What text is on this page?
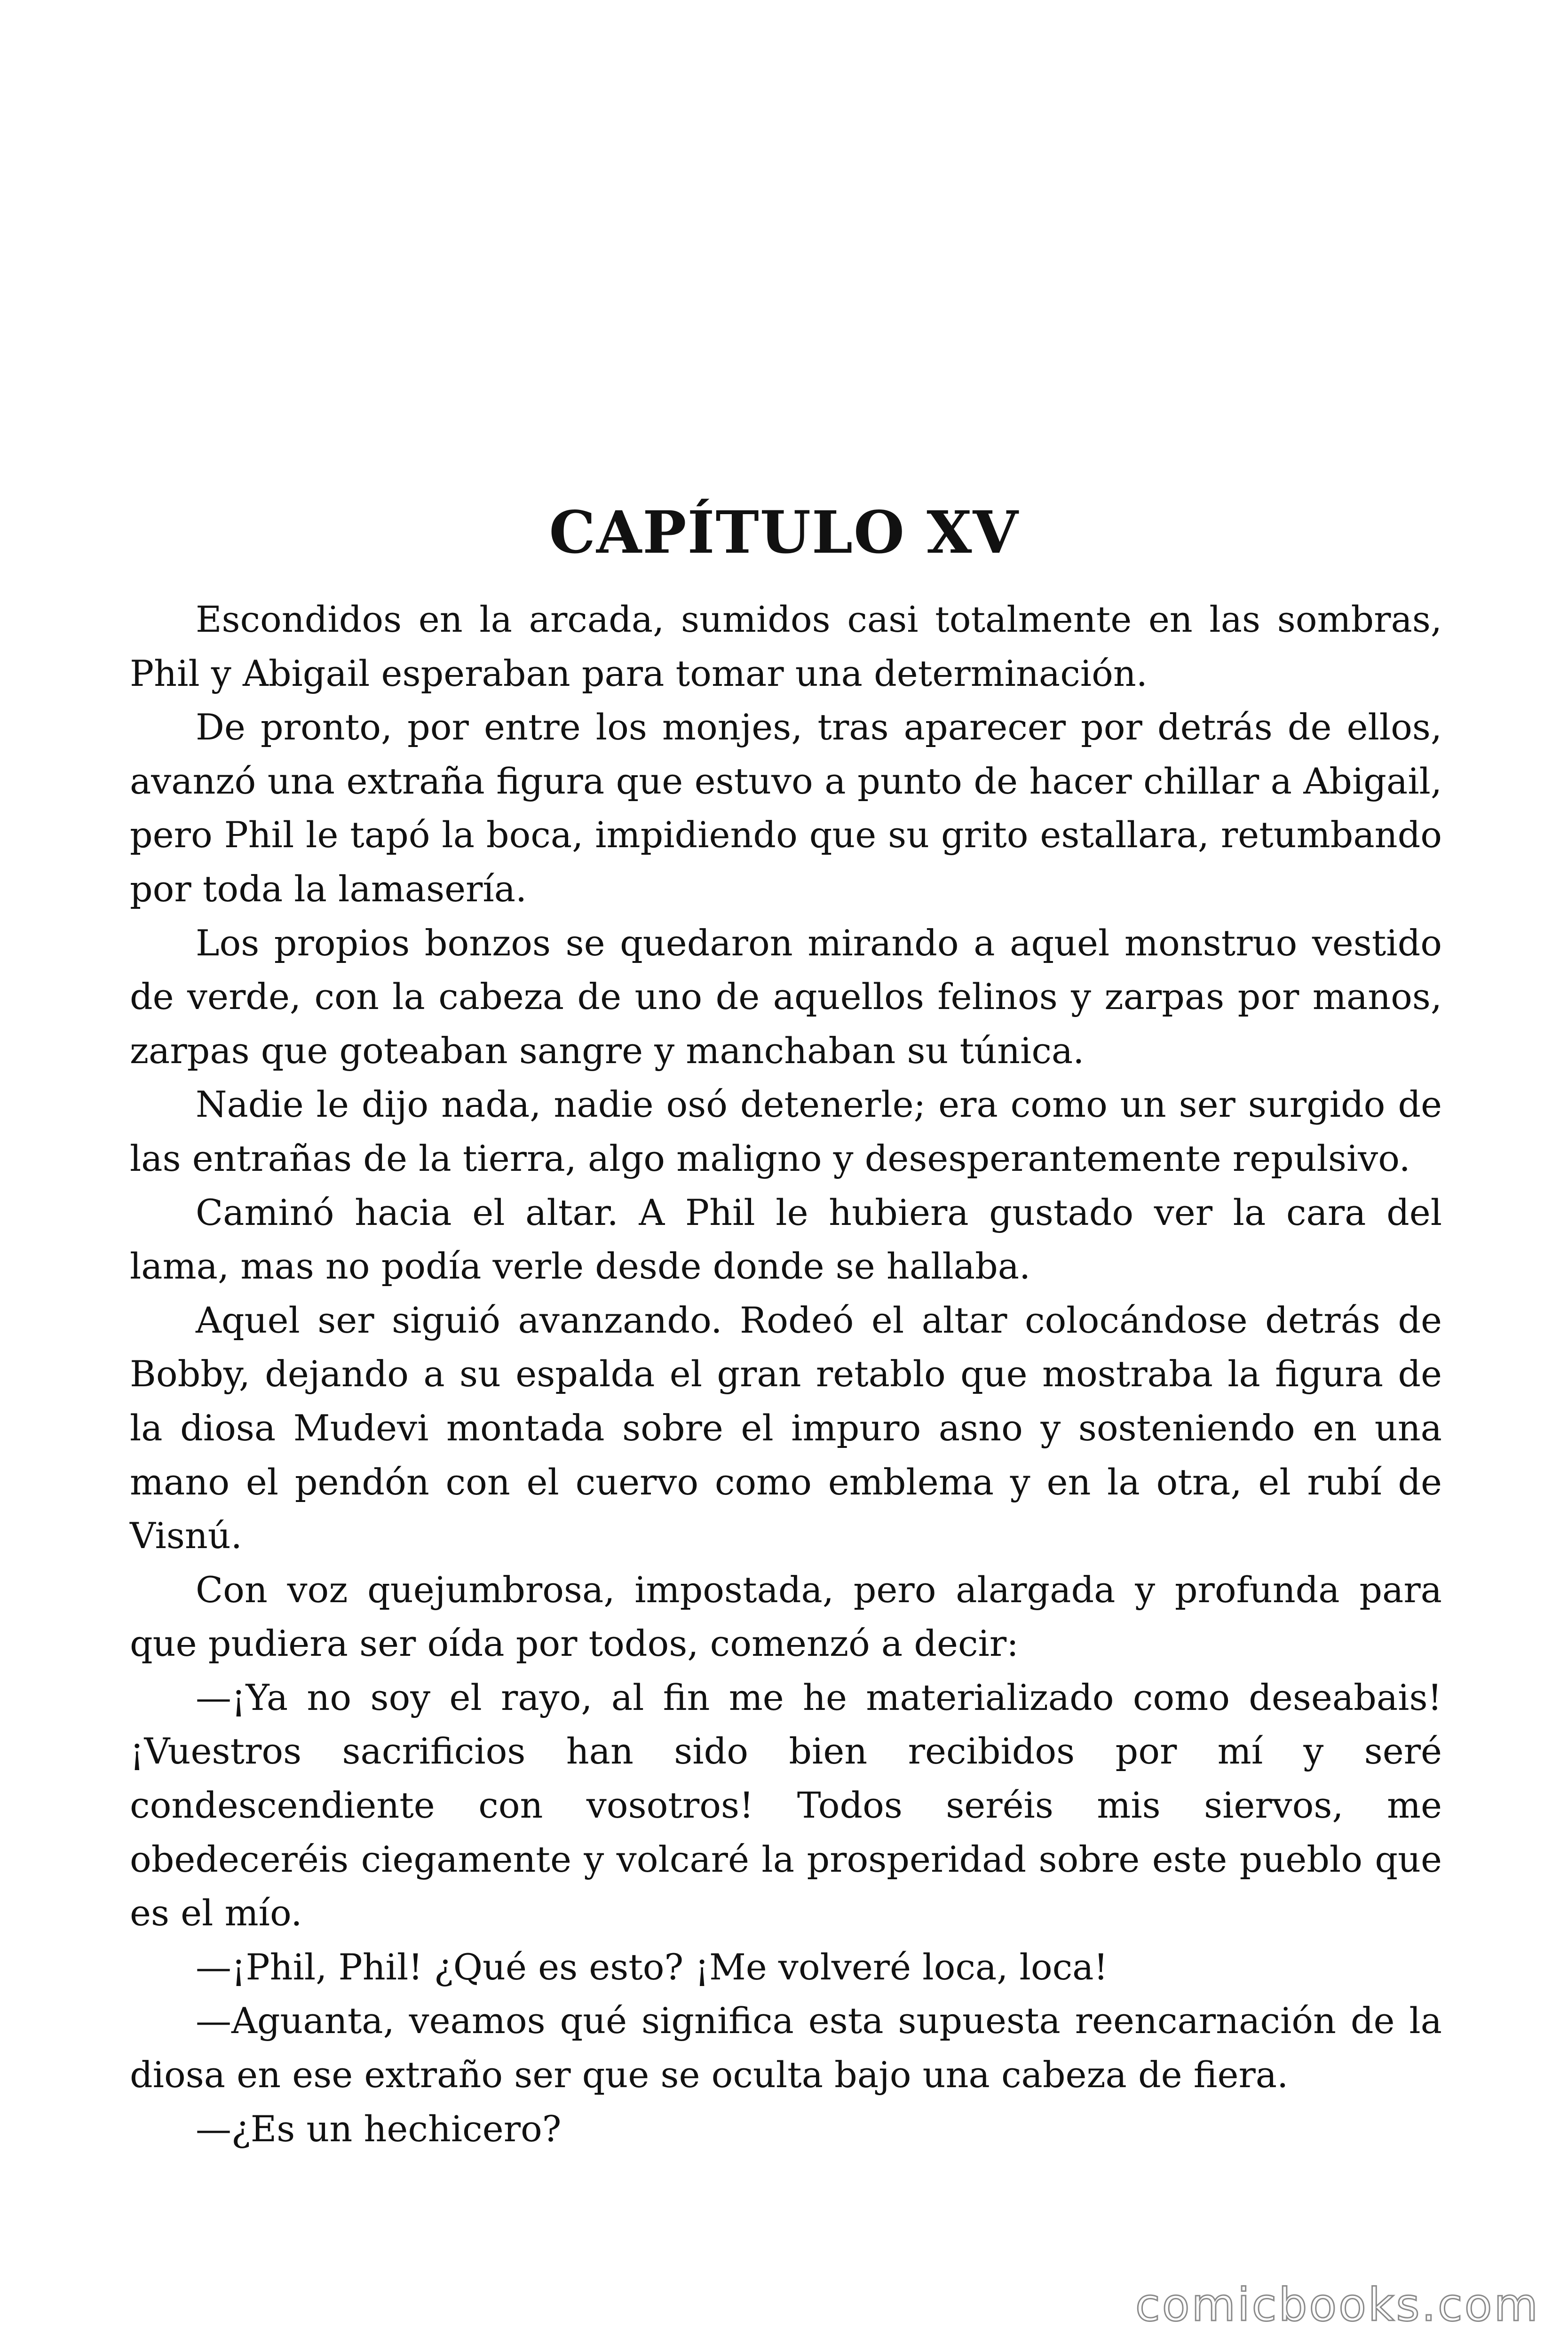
CAPÍTULO XV

Escondidos en la arcada, sumidos casi totalmente en las sombras, Phil y Abigail esperaban para tomar una determinación.

De pronto, por entre los monjes, tras aparecer por detrás de ellos, avanzó una extraña figura que estuvo a punto de hacer chillar a Abigail, pero Phil le tapó la boca, impidiendo que su grito estallara, retumbando por toda la lamasería.

Los propios bonzos se quedaron mirando a aquel monstruo vestido de verde, con la cabeza de uno de aquellos felinos y zarpas por manos, zarpas que goteaban sangre y manchaban su túnica.

Nadie le dijo nada, nadie osó detenerle; era como un ser surgido de las entrañas de la tierra, algo maligno y desesperantemente repulsivo.

Caminó hacia el altar. A Phil le hubiera gustado ver la cara del lama, mas no podía verle desde donde se hallaba.

Aquel ser siguió avanzando. Rodeó el altar colocándose detrás de Bobby, dejando a su espalda el gran retablo que mostraba la figura de la diosa Mudevi montada sobre el impuro asno y sosteniendo en una mano el pendón con el cuervo como emblema y en la otra, el rubí de Visnú.

Con voz quejumbrosa, impostada, pero alargada y profunda para que pudiera ser oída por todos, comenzó a decir:

—¡Ya no soy el rayo, al fin me he materializado como deseabais! ¡Vuestros sacrificios han sido bien recibidos por mí y seré condescendiente con vosotros! Todos seréis mis siervos, me obedeceréis ciegamente y volcaré la prosperidad sobre este pueblo que es el mío.

—¡Phil, Phil! ¿Qué es esto? ¡Me volveré loca, loca!

—Aguanta, veamos qué significa esta supuesta reencarnación de la diosa en ese extraño ser que se oculta bajo una cabeza de fiera.

—¿Es un hechicero?

comicbooks.com
